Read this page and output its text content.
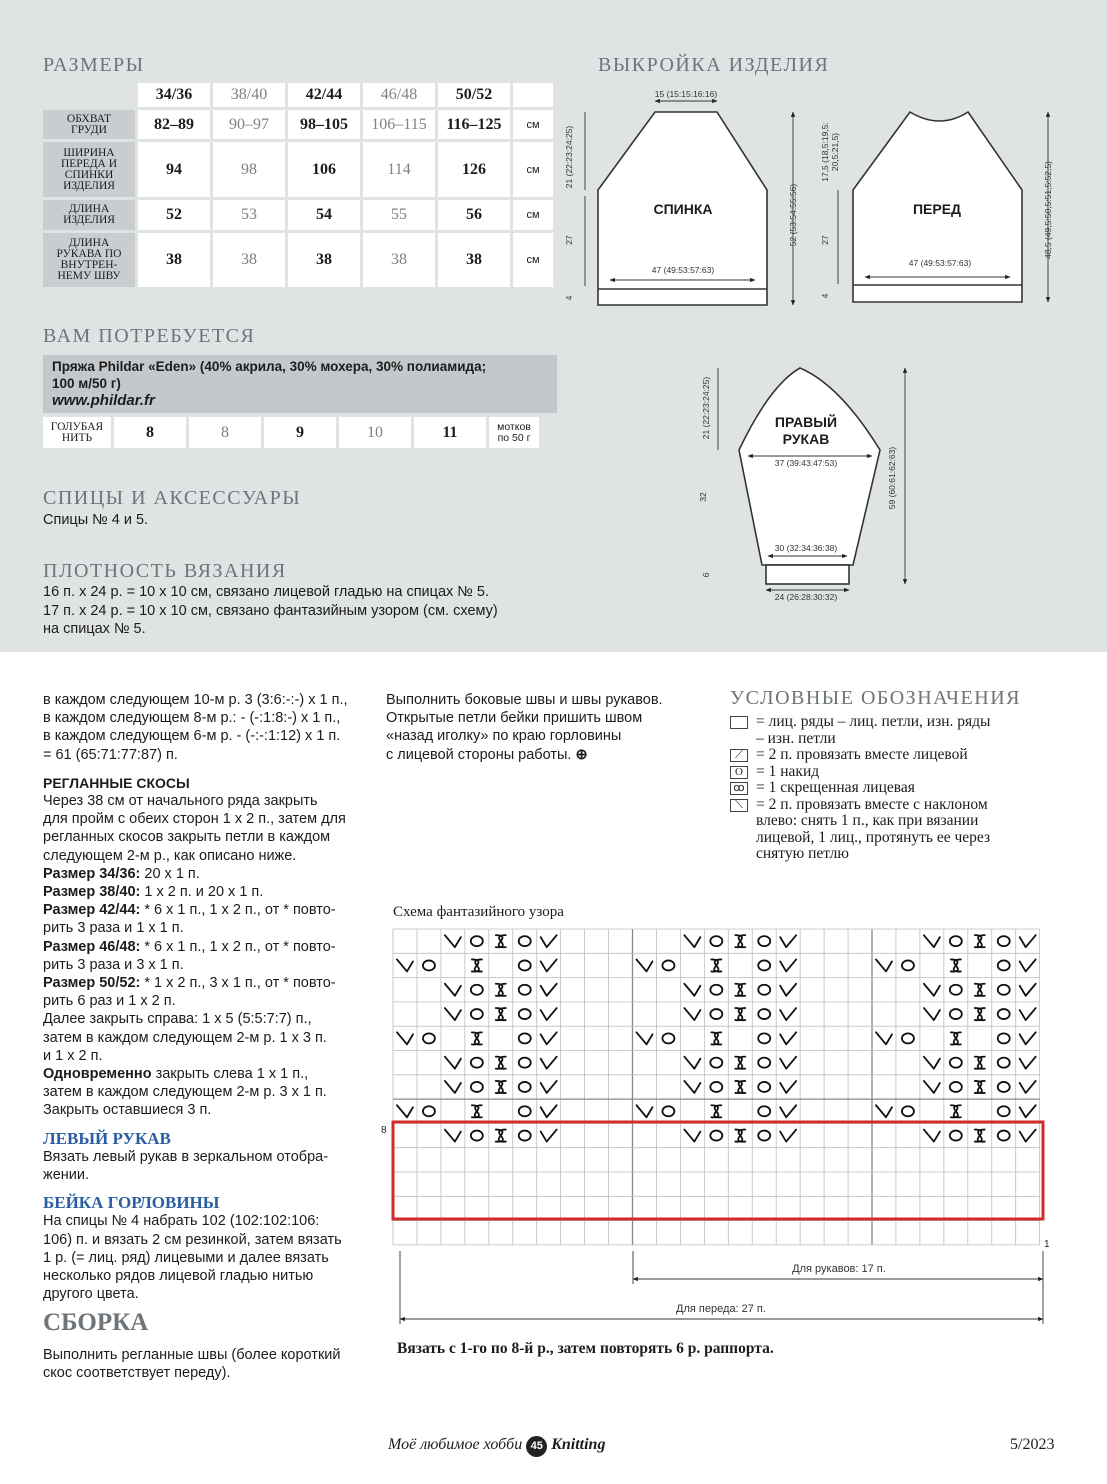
РАЗМЕРЫ
	34/36	38/40	42/44	46/48	50/52	
ОБХВАТ
ГРУДИ	82–89	90–97	98–105	106–115	116–125	см
ШИРИНА
ПЕРЕДА И
СПИНКИ
ИЗДЕЛИЯ	94	98	106	114	126	см
ДЛИНА
ИЗДЕЛИЯ	52	53	54	55	56	см
ДЛИНА
РУКАВА ПО
ВНУТРЕН-
НЕМУ ШВУ	38	38	38	38	38	см
ВАМ ПОТРЕБУЕТСЯ
Пряжа Phildar «Eden» (40% акрила, 30% мохера, 30% полиамида;
100 м/50 г)
www.phildar.fr
ГОЛУБАЯ
НИТЬ	8	8	9	10	11	мотков
по 50 г
СПИЦЫ И АКСЕССУАРЫ
Спицы № 4 и 5.
ПЛОТНОСТЬ ВЯЗАНИЯ
16 п. х 24 р. = 10 х 10 см, связано лицевой гладью на спицах № 5.
17 п. х 24 р. = 10 х 10 см, связано фантазийным узором (см. схему)
на спицах № 5.
ВЫКРОЙКА ИЗДЕЛИЯ
15 (15:15:16:16)
47 (49:53:57:63)
47 (49:53:57:63)
37 (39:43:47:53)
30 (32:34:36:38)
24 (26:28:30:32)
21 (22:23:24:25)
27
4
52 (53:54:55:56)
17,5 (18,5:19,5: 20,5:21,5)
27
4
48,5 (49,5:50,5:51,5:52,5)
21 (22:23:24:25)
32
6
59 (60:61:62:63)
СПИНКА	ПЕРЕД
ПРАВЫЙ
РУКАВ
в каждом следующем 10-м р. 3 (3:6:-:-) х 1 п.,
в каждом следующем 8-м р.: - (-:1:8:-) х 1 п.,
в каждом следующем 6-м р. - (-:-:1:12) х 1 п.
= 61 (65:71:77:87) п.
РЕГЛАННЫЕ СКОСЫ
Через 38 см от начального ряда закрыть
для пройм с обеих сторон 1 х 2 п., затем для
регланных скосов закрыть петли в каждом
следующем 2-м р., как описано ниже.
Размер 34/36: 20 х 1 п.
Размер 38/40: 1 х 2 п. и 20 х 1 п.
Размер 42/44: * 6 х 1 п., 1 х 2 п., от * повто-
рить 3 раза и 1 х 1 п.
Размер 46/48: * 6 х 1 п., 1 х 2 п., от * повто-
рить 3 раза и 3 х 1 п.
Размер 50/52: * 1 х 2 п., 3 х 1 п., от * повто-
рить 6 раз и 1 х 2 п.
Далее закрыть справа: 1 х 5 (5:5:7:7) п.,
затем в каждом следующем 2-м р. 1 х 3 п.
и 1 х 2 п.
Одновременно закрыть слева 1 х 1 п.,
затем в каждом следующем 2-м р. 3 х 1 п.
Закрыть оставшиеся 3 п.
ЛЕВЫЙ РУКАВ
Вязать левый рукав в зеркальном отобра-
жении.
БЕЙКА ГОРЛОВИНЫ
На спицы № 4 набрать 102 (102:102:106:
106) п. и вязать 2 см резинкой, затем вязать
1 р. (= лиц. ряд) лицевыми и далее вязать
несколько рядов лицевой гладью нитью
другого цвета.
СБОРКА
Выполнить регланные швы (более короткий
скос соответствует переду).
Выполнить боковые швы и швы рукавов.
Открытые петли бейки пришить швом
«назад иголку» по краю горловины
с лицевой стороны работы. ⊕
УСЛОВНЫЕ ОБОЗНАЧЕНИЯ
= лиц. ряды – лиц. петли, изн. ряды
– изн. петли
⟋ = 2 п. провязать вместе лицевой
O = 1 накид
ꝏ = 1 скрещенная лицевая
⟍ = 2 п. провязать вместе с наклоном
влево: снять 1 п., как при вязании
лицевой, 1 лиц., протянуть ее через
снятую петлю
Схема фантазийного узора
8
1
Для рукавов: 17 п.
Для переда: 27 п.
Вязать с 1-го по 8-й р., затем повторять 6 р. раппорта.
Моё любимое хобби 45 Knitting	5/2023
